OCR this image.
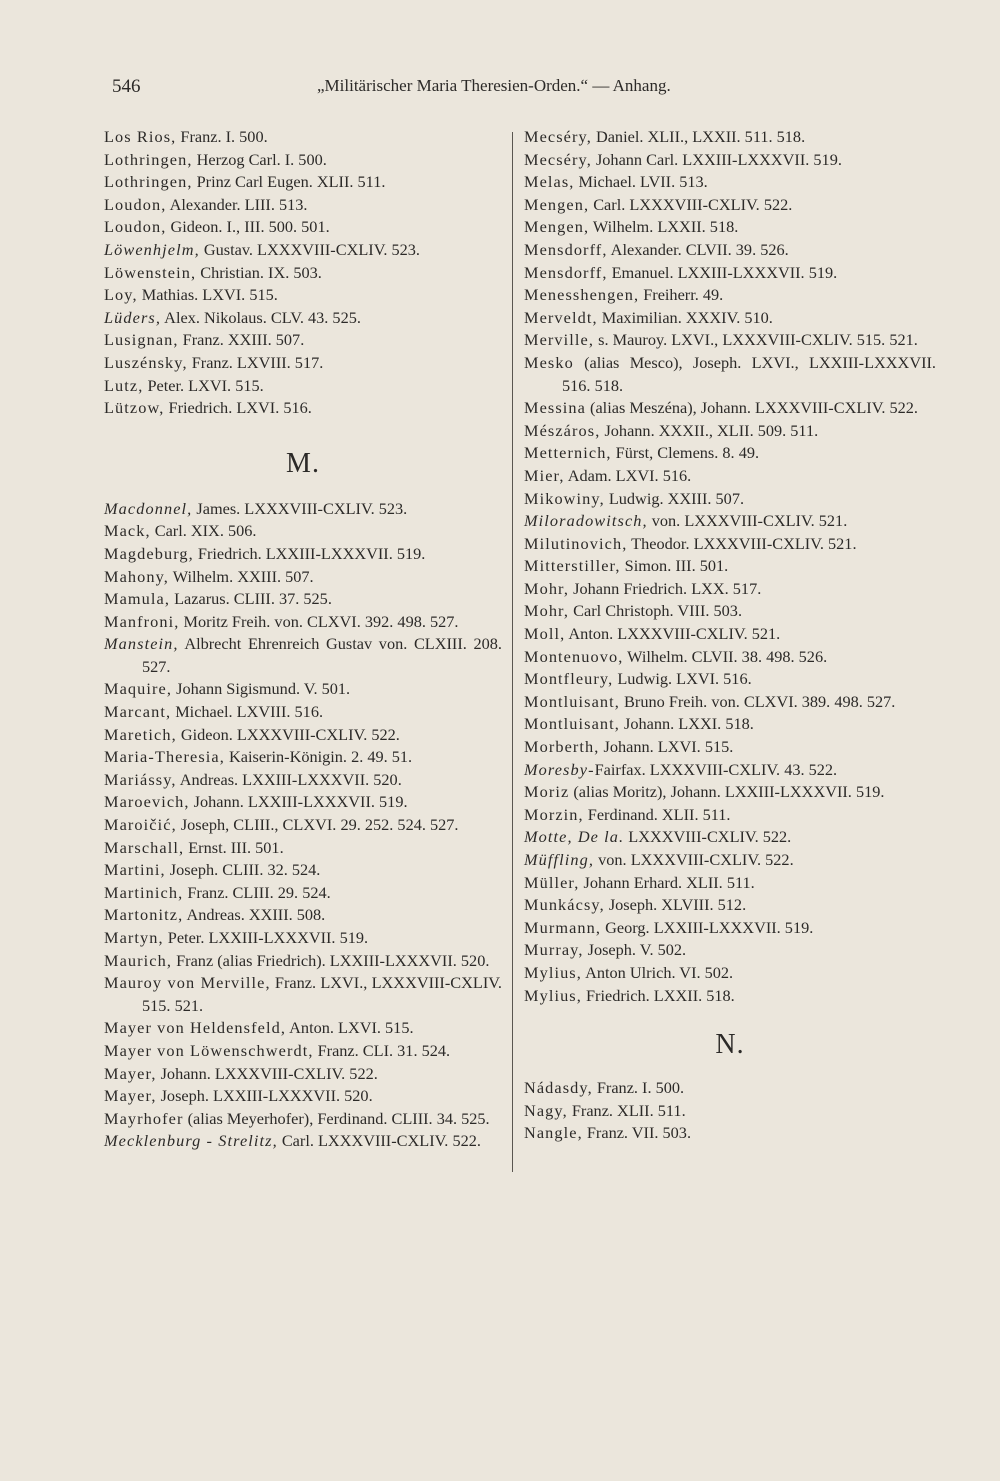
546	„Militärischer Maria Theresien-Orden.“ — Anhang.
Los Rios, Franz. I. 500.
Lothringen, Herzog Carl. I. 500.
Lothringen, Prinz Carl Eugen. XLII. 511.
Loudon, Alexander. LIII. 513.
Loudon, Gideon. I., III. 500. 501.
Löwenhjelm, Gustav. LXXXVIII-CXLIV. 523.
Löwenstein, Christian. IX. 503.
Loy, Mathias. LXVI. 515.
Lüders, Alex. Nikolaus. CLV. 43. 525.
Lusignan, Franz. XXIII. 507.
Luszénsky, Franz. LXVIII. 517.
Lutz, Peter. LXVI. 515.
Lützow, Friedrich. LXVI. 516.
M.
Macdonnel, James. LXXXVIII-CXLIV. 523.
Mack, Carl. XIX. 506.
Magdeburg, Friedrich. LXXIII-LXXXVII. 519.
Mahony, Wilhelm. XXIII. 507.
Mamula, Lazarus. CLIII. 37. 525.
Manfroni, Moritz Freih. von. CLXVI. 392. 498. 527.
Manstein, Albrecht Ehrenreich Gustav von. CLXIII. 208. 527.
Maquire, Johann Sigismund. V. 501.
Marcant, Michael. LXVIII. 516.
Maretich, Gideon. LXXXVIII-CXLIV. 522.
Maria-Theresia, Kaiserin-Königin. 2. 49. 51.
Mariássy, Andreas. LXXIII-LXXXVII. 520.
Maroevich, Johann. LXXIII-LXXXVII. 519.
Maroičić, Joseph, CLIII., CLXVI. 29. 252. 524. 527.
Marschall, Ernst. III. 501.
Martini, Joseph. CLIII. 32. 524.
Martinich, Franz. CLIII. 29. 524.
Martonitz, Andreas. XXIII. 508.
Martyn, Peter. LXXIII-LXXXVII. 519.
Maurich, Franz (alias Friedrich). LXXIII-LXXXVII. 520.
Mauroy von Merville, Franz. LXVI., LXXXVIII-CXLIV. 515. 521.
Mayer von Heldensfeld, Anton. LXVI. 515.
Mayer von Löwenschwerdt, Franz. CLI. 31. 524.
Mayer, Johann. LXXXVIII-CXLIV. 522.
Mayer, Joseph. LXXIII-LXXXVII. 520.
Mayrhofer (alias Meyerhofer), Ferdinand. CLIII. 34. 525.
Mecklenburg - Strelitz, Carl. LXXXVIII-CXLIV. 522.
Mecséry, Daniel. XLII., LXXII. 511. 518.
Mecséry, Johann Carl. LXXIII-LXXXVII. 519.
Melas, Michael. LVII. 513.
Mengen, Carl. LXXXVIII-CXLIV. 522.
Mengen, Wilhelm. LXXII. 518.
Mensdorff, Alexander. CLVII. 39. 526.
Mensdorff, Emanuel. LXXIII-LXXXVII. 519.
Menesshengen, Freiherr. 49.
Merveldt, Maximilian. XXXIV. 510.
Merville, s. Mauroy. LXVI., LXXXVIII-CXLIV. 515. 521.
Mesko (alias Mesco), Joseph. LXVI., LXXIII-LXXXVII. 516. 518.
Messina (alias Meszéna), Johann. LXXXVIII-CXLIV. 522.
Mészáros, Johann. XXXII., XLII. 509. 511.
Metternich, Fürst, Clemens. 8. 49.
Mier, Adam. LXVI. 516.
Mikowiny, Ludwig. XXIII. 507.
Miloradowitsch, von. LXXXVIII-CXLIV. 521.
Milutinovich, Theodor. LXXXVIII-CXLIV. 521.
Mitterstiller, Simon. III. 501.
Mohr, Johann Friedrich. LXX. 517.
Mohr, Carl Christoph. VIII. 503.
Moll, Anton. LXXXVIII-CXLIV. 521.
Montenuovo, Wilhelm. CLVII. 38. 498. 526.
Montfleury, Ludwig. LXVI. 516.
Montluisant, Bruno Freih. von. CLXVI. 389. 498. 527.
Montluisant, Johann. LXXI. 518.
Morberth, Johann. LXVI. 515.
Moresby-Fairfax. LXXXVIII-CXLIV. 43. 522.
Moriz (alias Moritz), Johann. LXXIII-LXXXVII. 519.
Morzin, Ferdinand. XLII. 511.
Motte, De la. LXXXVIII-CXLIV. 522.
Müffling, von. LXXXVIII-CXLIV. 522.
Müller, Johann Erhard. XLII. 511.
Munkácsy, Joseph. XLVIII. 512.
Murmann, Georg. LXXIII-LXXXVII. 519.
Murray, Joseph. V. 502.
Mylius, Anton Ulrich. VI. 502.
Mylius, Friedrich. LXXII. 518.
N.
Nádasdy, Franz. I. 500.
Nagy, Franz. XLII. 511.
Nangle, Franz. VII. 503.
